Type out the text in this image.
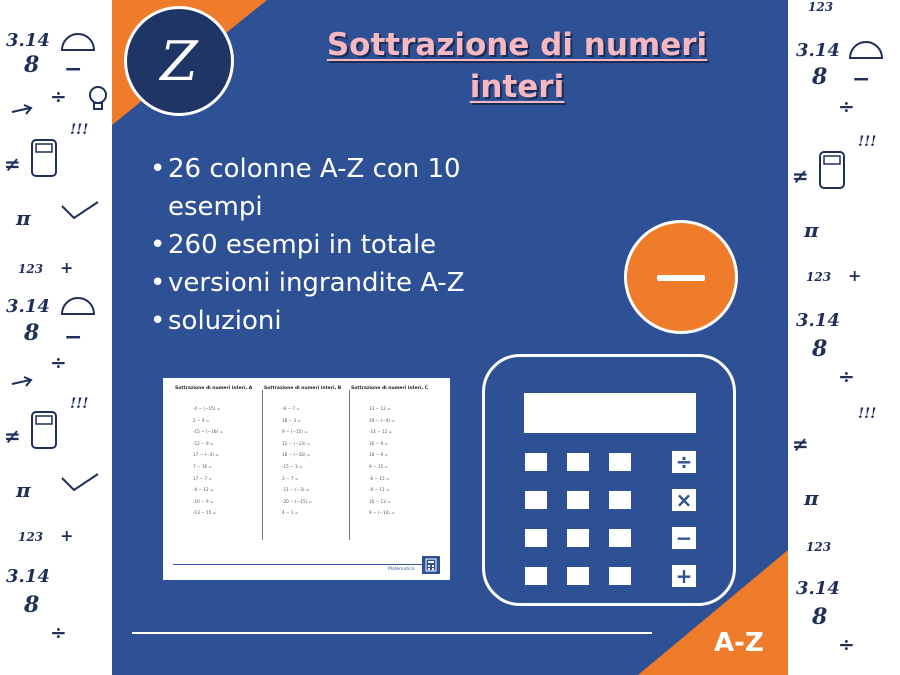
3.14
8 −
÷
!!!
≠
π
123 +
3.14
8 −
÷
!!!
≠
π
123 +
3.14
8
÷
123
3.14
8 −
÷
!!!
≠
π
123 +
3.14
8
÷
!!!
≠
π
123
3.14
8
÷
Z	Sottrazione di numeri interi
• 26 colonne A-Z con 10 esempi
• 260 esempi in totale
• versioni ingrandite A-Z
• soluzioni
÷
×
−
+
Sottrazione di numeri interi, A
-4 − (−15) =
2 − 9 =
-15 − (−16) =
-12 − 9 =
17 − (−3) =
7 − 16 =
17 − 7 =
-4 − 12 =
-10 − 9 =
-13 − 15 =
Sottrazione di numeri interi, B
-9 − 7 =
18 − 3 =
9 − (−15) =
12 − (−13) =
18 − (−16) =
-15 − 3 =
3 − 7 =
-11 − (−3) =
-20 − (−15) =
4 − 1 =
Sottrazione di numeri interi, C
13 − 12 =
20 − (−4) =
-14 − 12 =
16 − 9 =
18 − 9 =
9 − 15 =
-6 − 15 =
-9 − 11 =
16 − 13 =
9 − (−14) =
Matematica
A-Z
